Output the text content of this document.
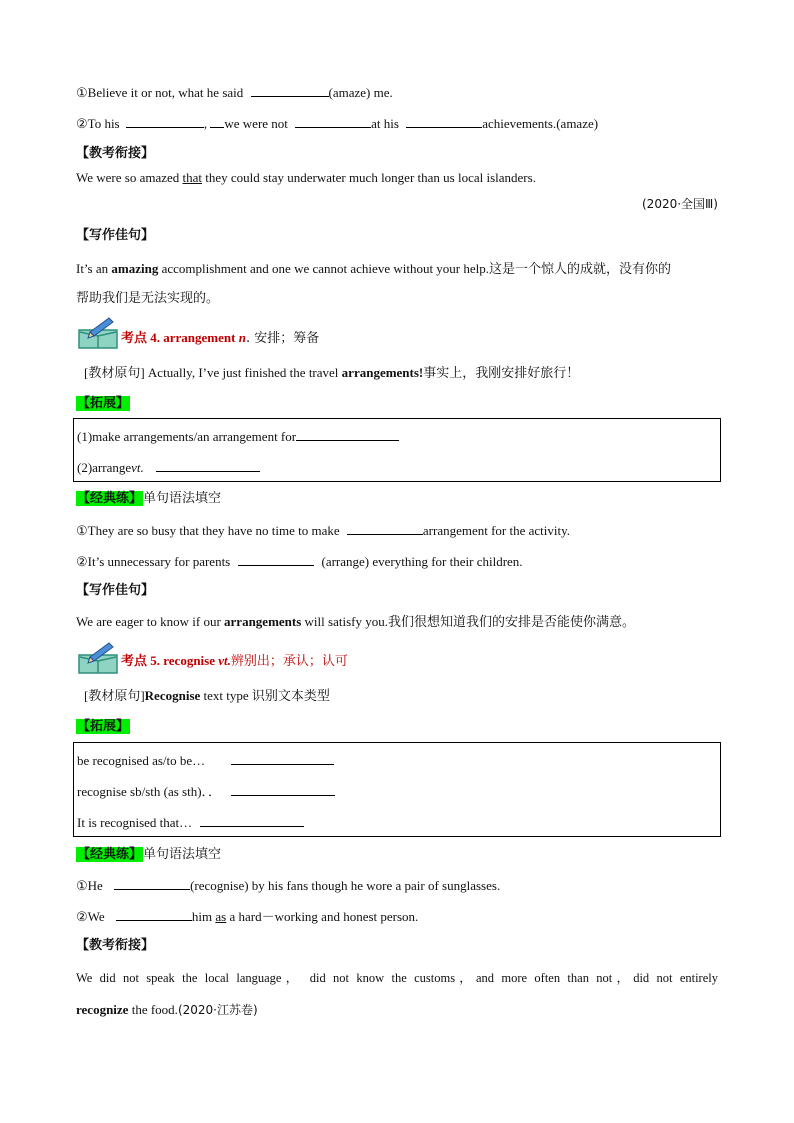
①Believe it or not, what he said	(amaze) me.
②To his	, we were not	at his	achievements.(amaze)
【教考衔接】
We were so amazed that they could stay underwater much longer than us local islanders.
(2020·全国Ⅲ)
【写作佳句】
It’s an amazing accomplishment and one we cannot achieve without your help.这是一个惊人的成就，没有你的
帮助我们是无法实现的。
考点 4. arrangement n. 安排；筹备
[教材原句] Actually, I’ve just finished the travel arrangements!事实上，我刚安排好旅行！
【拓展】
(1)make arrangements/an arrangement for
(2)arrangevt.
【经典练】单句语法填空
①They are so busy that they have no time to make	arrangement for the activity.
②It’s unnecessary for parents	(arrange) everything for their children.
【写作佳句】
We are eager to know if our arrangements will satisfy you.我们很想知道我们的安排是否能使你满意。
考点 5. recognise vt.辨别出；承认；认可
[教材原句]Recognise text type 识别文本类型
【拓展】
be recognised as/to be…
recognise sb/sth (as sth)．．
It is recognised that…
【经典练】单句语法填空
①He	(recognise) by his fans though he wore a pair of sunglasses.
②We	him as a hard－working and honest person.
【教考衔接】
We did not speak the local language， did not know the customs，and more often than not，did not entirely
recognize the food.(2020·江苏卷)
